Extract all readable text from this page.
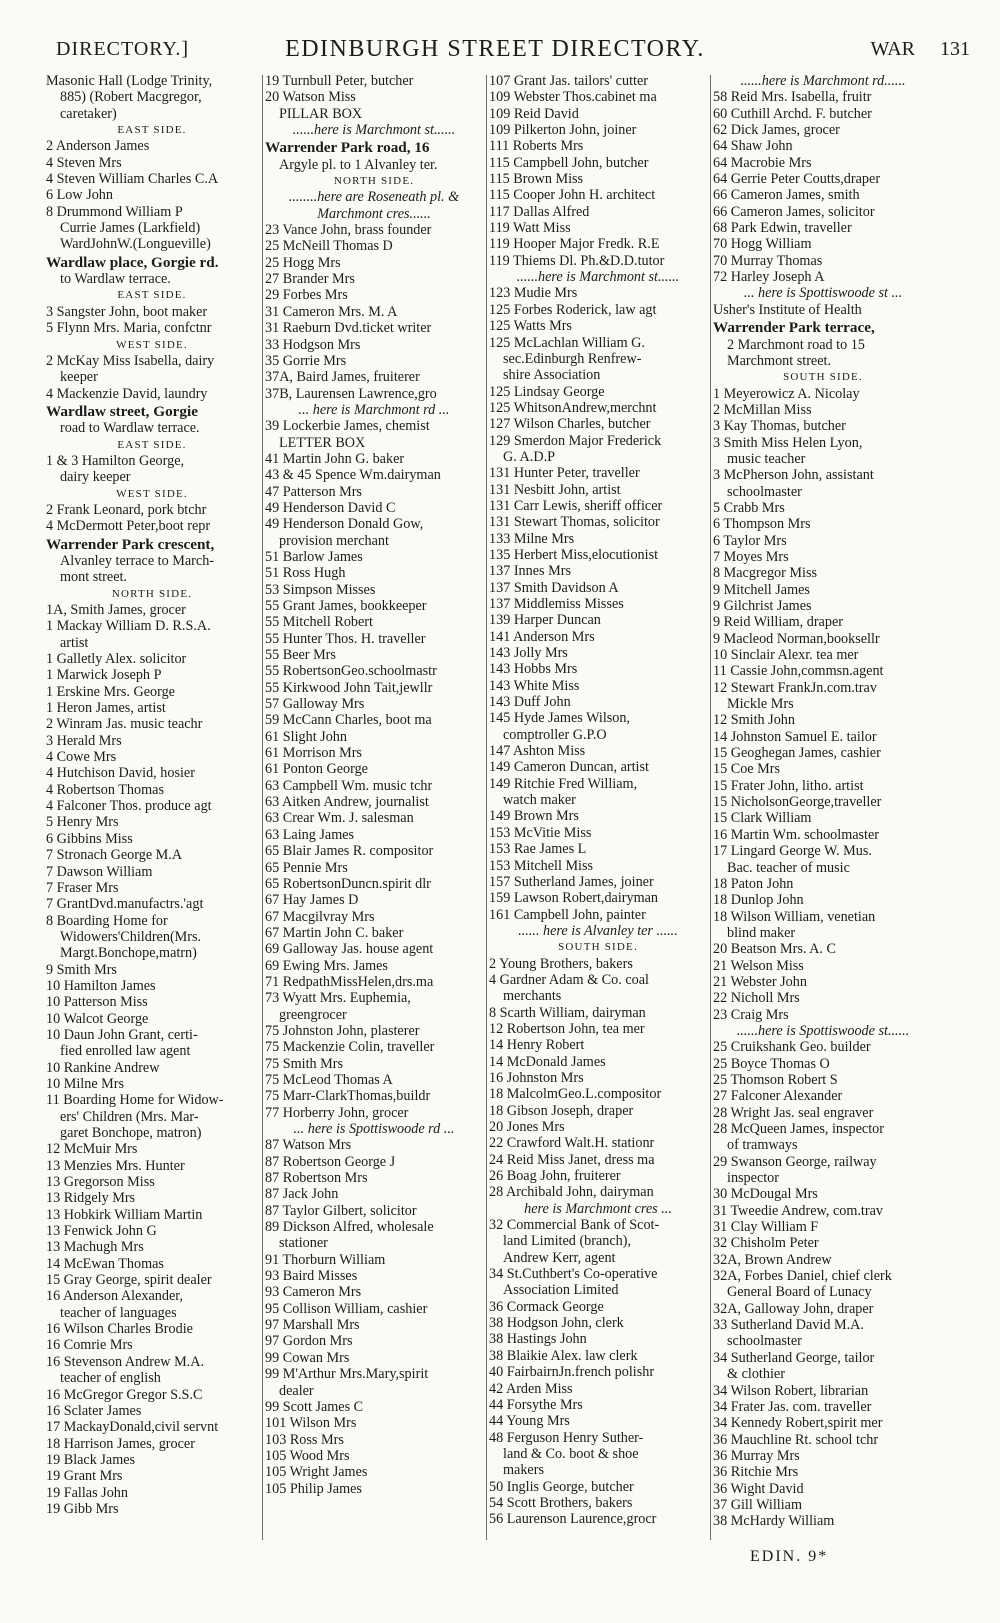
DIRECTORY.]	EDINBURGH STREET DIRECTORY.	WAR 131
Masonic Hall (Lodge Trinity,
885) (Robert Macgregor,
caretaker)
EAST SIDE.
2 Anderson James
4 Steven Mrs
4 Steven William Charles C.A
6 Low John
8 Drummond William P
Currie James (Larkfield)
WardJohnW.(Longueville)
Wardlaw place, Gorgie rd.
to Wardlaw terrace.
EAST SIDE.
3 Sangster John, boot maker
5 Flynn Mrs. Maria, confctnr
WEST SIDE.
2 McKay Miss Isabella, dairy
keeper
4 Mackenzie David, laundry
Wardlaw street, Gorgie
road to Wardlaw terrace.
EAST SIDE.
1 & 3 Hamilton George,
dairy keeper
WEST SIDE.
2 Frank Leonard, pork btchr
4 McDermott Peter,boot repr
Warrender Park crescent,
Alvanley terrace to March-
mont street.
NORTH SIDE.
1A, Smith James, grocer
1 Mackay William D. R.S.A.
artist
1 Galletly Alex. solicitor
1 Marwick Joseph P
1 Erskine Mrs. George
1 Heron James, artist
2 Winram Jas. music teachr
3 Herald Mrs
4 Cowe Mrs
4 Hutchison David, hosier
4 Robertson Thomas
4 Falconer Thos. produce agt
5 Henry Mrs
6 Gibbins Miss
7 Stronach George M.A
7 Dawson William
7 Fraser Mrs
7 GrantDvd.manufactrs.'agt
8 Boarding Home for
Widowers'Children(Mrs.
Margt.Bonchope,matrn)
9 Smith Mrs
10 Hamilton James
10 Patterson Miss
10 Walcot George
10 Daun John Grant, certi-
fied enrolled law agent
10 Rankine Andrew
10 Milne Mrs
11 Boarding Home for Widow-
ers' Children (Mrs. Mar-
garet Bonchope, matron)
12 McMuir Mrs
13 Menzies Mrs. Hunter
13 Gregorson Miss
13 Ridgely Mrs
13 Hobkirk William Martin
13 Fenwick John G
13 Machugh Mrs
14 McEwan Thomas
15 Gray George, spirit dealer
16 Anderson Alexander,
teacher of languages
16 Wilson Charles Brodie
16 Comrie Mrs
16 Stevenson Andrew M.A.
teacher of english
16 McGregor Gregor S.S.C
16 Sclater James
17 MackayDonald,civil servnt
18 Harrison James, grocer
19 Black James
19 Grant Mrs
19 Fallas John
19 Gibb Mrs
19 Turnbull Peter, butcher
20 Watson Miss
PILLAR BOX
......here is Marchmont st......
Warrender Park road, 16
Argyle pl. to 1 Alvanley ter.
NORTH SIDE.
........here are Roseneath pl. &
Marchmont cres......
23 Vance John, brass founder
25 McNeill Thomas D
25 Hogg Mrs
27 Brander Mrs
29 Forbes Mrs
31 Cameron Mrs. M. A
31 Raeburn Dvd.ticket writer
33 Hodgson Mrs
35 Gorrie Mrs
37A, Baird James, fruiterer
37B, Laurensen Lawrence,gro
... here is Marchmont rd ...
39 Lockerbie James, chemist
LETTER BOX
41 Martin John G. baker
43 & 45 Spence Wm.dairyman
47 Patterson Mrs
49 Henderson David C
49 Henderson Donald Gow,
provision merchant
51 Barlow James
51 Ross Hugh
53 Simpson Misses
55 Grant James, bookkeeper
55 Mitchell Robert
55 Hunter Thos. H. traveller
55 Beer Mrs
55 RobertsonGeo.schoolmastr
55 Kirkwood John Tait,jewllr
57 Galloway Mrs
59 McCann Charles, boot ma
61 Slight John
61 Morrison Mrs
61 Ponton George
63 Campbell Wm. music tchr
63 Aitken Andrew, journalist
63 Crear Wm. J. salesman
63 Laing James
65 Blair James R. compositor
65 Pennie Mrs
65 RobertsonDuncn.spirit dlr
67 Hay James D
67 Macgilvray Mrs
67 Martin John C. baker
69 Galloway Jas. house agent
69 Ewing Mrs. James
71 RedpathMissHelen,drs.ma
73 Wyatt Mrs. Euphemia,
greengrocer
75 Johnston John, plasterer
75 Mackenzie Colin, traveller
75 Smith Mrs
75 McLeod Thomas A
75 Marr-ClarkThomas,buildr
77 Horberry John, grocer
... here is Spottiswoode rd ...
87 Watson Mrs
87 Robertson George J
87 Robertson Mrs
87 Jack John
87 Taylor Gilbert, solicitor
89 Dickson Alfred, wholesale
stationer
91 Thorburn William
93 Baird Misses
93 Cameron Mrs
95 Collison William, cashier
97 Marshall Mrs
97 Gordon Mrs
99 Cowan Mrs
99 M'Arthur Mrs.Mary,spirit
dealer
99 Scott James C
101 Wilson Mrs
103 Ross Mrs
105 Wood Mrs
105 Wright James
105 Philip James
107 Grant Jas. tailors' cutter
109 Webster Thos.cabinet ma
109 Reid David
109 Pilkerton John, joiner
111 Roberts Mrs
115 Campbell John, butcher
115 Brown Miss
115 Cooper John H. architect
117 Dallas Alfred
119 Watt Miss
119 Hooper Major Fredk. R.E
119 Thiems Dl. Ph.&D.D.tutor
......here is Marchmont st......
123 Mudie Mrs
125 Forbes Roderick, law agt
125 Watts Mrs
125 McLachlan William G.
sec.Edinburgh Renfrew-
shire Association
125 Lindsay George
125 WhitsonAndrew,merchnt
127 Wilson Charles, butcher
129 Smerdon Major Frederick
G. A.D.P
131 Hunter Peter, traveller
131 Nesbitt John, artist
131 Carr Lewis, sheriff officer
131 Stewart Thomas, solicitor
133 Milne Mrs
135 Herbert Miss,elocutionist
137 Innes Mrs
137 Smith Davidson A
137 Middlemiss Misses
139 Harper Duncan
141 Anderson Mrs
143 Jolly Mrs
143 Hobbs Mrs
143 White Miss
143 Duff John
145 Hyde James Wilson,
comptroller G.P.O
147 Ashton Miss
149 Cameron Duncan, artist
149 Ritchie Fred William,
watch maker
149 Brown Mrs
153 McVitie Miss
153 Rae James L
153 Mitchell Miss
157 Sutherland James, joiner
159 Lawson Robert,dairyman
161 Campbell John, painter
...... here is Alvanley ter ......
SOUTH SIDE.
2 Young Brothers, bakers
4 Gardner Adam & Co. coal
merchants
8 Scarth William, dairyman
12 Robertson John, tea mer
14 Henry Robert
14 McDonald James
16 Johnston Mrs
18 MalcolmGeo.L.compositor
18 Gibson Joseph, draper
20 Jones Mrs
22 Crawford Walt.H. stationr
24 Reid Miss Janet, dress ma
26 Boag John, fruiterer
28 Archibald John, dairyman
here is Marchmont cres ...
32 Commercial Bank of Scot-
land Limited (branch),
Andrew Kerr, agent
34 St.Cuthbert's Co-operative
Association Limited
36 Cormack George
38 Hodgson John, clerk
38 Hastings John
38 Blaikie Alex. law clerk
40 FairbairnJn.french polishr
42 Arden Miss
44 Forsythe Mrs
44 Young Mrs
48 Ferguson Henry Suther-
land & Co. boot & shoe
makers
50 Inglis George, butcher
54 Scott Brothers, bakers
56 Laurenson Laurence,grocr
......here is Marchmont rd......
58 Reid Mrs. Isabella, fruitr
60 Cuthill Archd. F. butcher
62 Dick James, grocer
64 Shaw John
64 Macrobie Mrs
64 Gerrie Peter Coutts,draper
66 Cameron James, smith
66 Cameron James, solicitor
68 Park Edwin, traveller
70 Hogg William
70 Murray Thomas
72 Harley Joseph A
... here is Spottiswoode st ...
Usher's Institute of Health
Warrender Park terrace,
2 Marchmont road to 15
Marchmont street.
SOUTH SIDE.
1 Meyerowicz A. Nicolay
2 McMillan Miss
3 Kay Thomas, butcher
3 Smith Miss Helen Lyon,
music teacher
3 McPherson John, assistant
schoolmaster
5 Crabb Mrs
6 Thompson Mrs
6 Taylor Mrs
7 Moyes Mrs
8 Macgregor Miss
9 Mitchell James
9 Gilchrist James
9 Reid William, draper
9 Macleod Norman,booksellr
10 Sinclair Alexr. tea mer
11 Cassie John,commsn.agent
12 Stewart FrankJn.com.trav
Mickle Mrs
12 Smith John
14 Johnston Samuel E. tailor
15 Geoghegan James, cashier
15 Coe Mrs
15 Frater John, litho. artist
15 NicholsonGeorge,traveller
15 Clark William
16 Martin Wm. schoolmaster
17 Lingard George W. Mus.
Bac. teacher of music
18 Paton John
18 Dunlop John
18 Wilson William, venetian
blind maker
20 Beatson Mrs. A. C
21 Welson Miss
21 Webster John
22 Nicholl Mrs
23 Craig Mrs
......here is Spottiswoode st......
25 Cruikshank Geo. builder
25 Boyce Thomas O
25 Thomson Robert S
27 Falconer Alexander
28 Wright Jas. seal engraver
28 McQueen James, inspector
of tramways
29 Swanson George, railway
inspector
30 McDougal Mrs
31 Tweedie Andrew, com.trav
31 Clay William F
32 Chisholm Peter
32A, Brown Andrew
32A, Forbes Daniel, chief clerk
General Board of Lunacy
32A, Galloway John, draper
33 Sutherland David M.A.
schoolmaster
34 Sutherland George, tailor
& clothier
34 Wilson Robert, librarian
34 Frater Jas. com. traveller
34 Kennedy Robert,spirit mer
36 Mauchline Rt. school tchr
36 Murray Mrs
36 Ritchie Mrs
36 Wight David
37 Gill William
38 McHardy William
EDIN. 9*
